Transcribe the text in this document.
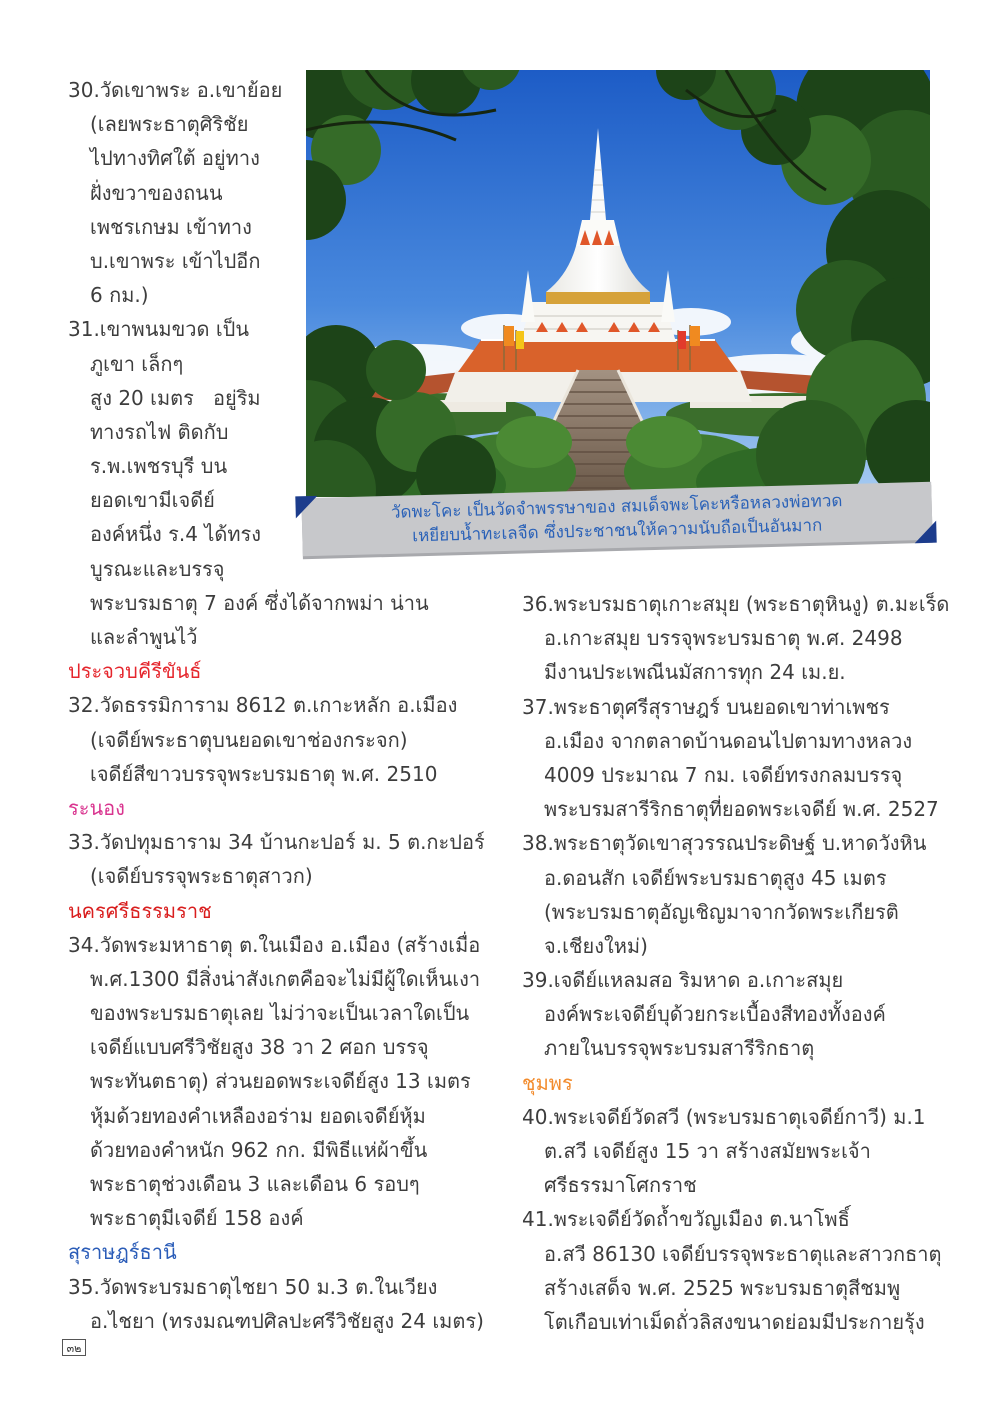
30.วัดเขาพระ อ.เขาย้อย
(เลยพระธาตุศิริชัย
ไปทางทิศใต้ อยู่ทาง
ฝั่งขวาของถนน
เพชรเกษม เข้าทาง
บ.เขาพระ เข้าไปอีก
6 กม.)
31.เขาพนมขวด เป็น
ภูเขา เล็กๆ
สูง 20 เมตร   อยู่ริม
ทางรถไฟ ติดกับ
ร.พ.เพชรบุรี บน
ยอดเขามีเจดีย์
องค์หนึ่ง ร.4 ได้ทรง
บูรณะและบรรจุ
พระบรมธาตุ 7 องค์ ซึ่งได้จากพม่า น่าน
และลำพูนไว้
ประจวบคีรีขันธ์
32.วัดธรรมิการาม 8612 ต.เกาะหลัก อ.เมือง
(เจดีย์พระธาตุบนยอดเขาช่องกระจก)
เจดีย์สีขาวบรรจุพระบรมธาตุ พ.ศ. 2510
ระนอง
33.วัดปทุมธาราม 34 บ้านกะปอร์ ม. 5 ต.กะปอร์
(เจดีย์บรรจุพระธาตุสาวก)
นครศรีธรรมราช
34.วัดพระมหาธาตุ ต.ในเมือง อ.เมือง (สร้างเมื่อ
พ.ศ.1300 มีสิ่งน่าสังเกตคือจะไม่มีผู้ใดเห็นเงา
ของพระบรมธาตุเลย ไม่ว่าจะเป็นเวลาใดเป็น
เจดีย์แบบศรีวิชัยสูง 38 วา 2 ศอก บรรจุ
พระทันตธาตุ) ส่วนยอดพระเจดีย์สูง 13 เมตร
หุ้มด้วยทองคำเหลืองอร่าม ยอดเจดีย์หุ้ม
ด้วยทองคำหนัก 962 กก. มีพิธีแห่ผ้าขึ้น
พระธาตุช่วงเดือน 3 และเดือน 6 รอบๆ
พระธาตุมีเจดีย์ 158 องค์
สุราษฎร์ธานี
35.วัดพระบรมธาตุไชยา 50 ม.3 ต.ในเวียง
อ.ไชยา (ทรงมณฑปศิลปะศรีวิชัยสูง 24 เมตร)
วัดพะโคะ เป็นวัดจำพรรษาของ สมเด็จพะโคะหรือหลวงพ่อทวด
เหยียบน้ำทะเลจืด ซึ่งประชาชนให้ความนับถือเป็นอันมาก
36.พระบรมธาตุเกาะสมุย (พระธาตุหินงู) ต.มะเร็ด
อ.เกาะสมุย บรรจุพระบรมธาตุ พ.ศ. 2498
มีงานประเพณีนมัสการทุก 24 เม.ย.
37.พระธาตุศรีสุราษฎร์ บนยอดเขาท่าเพชร
อ.เมือง จากตลาดบ้านดอนไปตามทางหลวง
4009 ประมาณ 7 กม. เจดีย์ทรงกลมบรรจุ
พระบรมสารีริกธาตุที่ยอดพระเจดีย์ พ.ศ. 2527
38.พระธาตุวัดเขาสุวรรณประดิษฐ์ บ.หาดวังหิน
อ.ดอนสัก เจดีย์พระบรมธาตุสูง 45 เมตร
(พระบรมธาตุอัญเชิญมาจากวัดพระเกียรติ
จ.เชียงใหม่)
39.เจดีย์แหลมสอ ริมหาด อ.เกาะสมุย
องค์พระเจดีย์บุด้วยกระเบื้องสีทองทั้งองค์
ภายในบรรจุพระบรมสารีริกธาตุ
ชุมพร
40.พระเจดีย์วัดสวี (พระบรมธาตุเจดีย์กาวี) ม.1
ต.สวี เจดีย์สูง 15 วา สร้างสมัยพระเจ้า
ศรีธรรมาโศกราช
41.พระเจดีย์วัดถ้ำขวัญเมือง ต.นาโพธิ์
อ.สวี 86130 เจดีย์บรรจุพระธาตุและสาวกธาตุ
สร้างเสด็จ พ.ศ. 2525 พระบรมธาตุสีชมพู
โตเกือบเท่าเม็ดถั่วลิสงขนาดย่อมมีประกายรุ้ง
๓๒
